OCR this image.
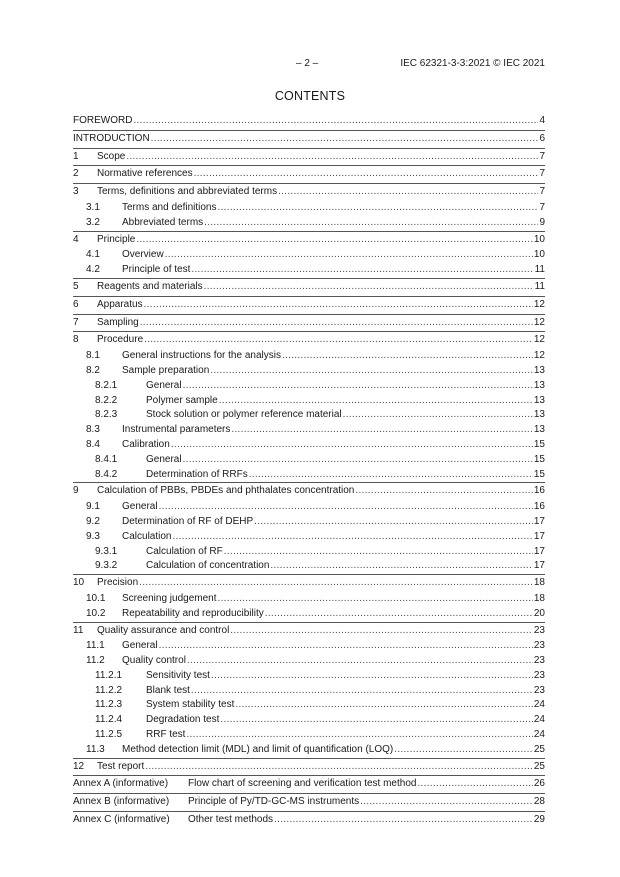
– 2 –	IEC 62321-3-3:2021 © IEC 2021
CONTENTS
FOREWORD .....	4
INTRODUCTION .....	6
1	Scope .....	7
2	Normative references .....	7
3	Terms, definitions and abbreviated terms .....	7
3.1	Terms and definitions .....	7
3.2	Abbreviated terms .....	9
4	Principle .....	10
4.1	Overview .....	10
4.2	Principle of test .....	11
5	Reagents and materials .....	11
6	Apparatus .....	12
7	Sampling .....	12
8	Procedure .....	12
8.1	General instructions for the analysis .....	12
8.2	Sample preparation .....	13
8.2.1	General .....	13
8.2.2	Polymer sample .....	13
8.2.3	Stock solution or polymer reference material .....	13
8.3	Instrumental parameters .....	13
8.4	Calibration .....	15
8.4.1	General .....	15
8.4.2	Determination of RRFs .....	15
9	Calculation of PBBs, PBDEs and phthalates concentration .....	16
9.1	General .....	16
9.2	Determination of RF of DEHP .....	17
9.3	Calculation .....	17
9.3.1	Calculation of RF .....	17
9.3.2	Calculation of concentration .....	17
10	Precision .....	18
10.1	Screening judgement .....	18
10.2	Repeatability and reproducibility .....	20
11	Quality assurance and control .....	23
11.1	General .....	23
11.2	Quality control .....	23
11.2.1	Sensitivity test .....	23
11.2.2	Blank test .....	23
11.2.3	System stability test .....	24
11.2.4	Degradation test .....	24
11.2.5	RRF test .....	24
11.3	Method detection limit (MDL) and limit of quantification (LOQ) .....	25
12	Test report .....	25
Annex A (informative)	Flow chart of screening and verification test method .....	26
Annex B (informative)	Principle of Py/TD-GC-MS instruments .....	28
Annex C (informative)	Other test methods .....	29
